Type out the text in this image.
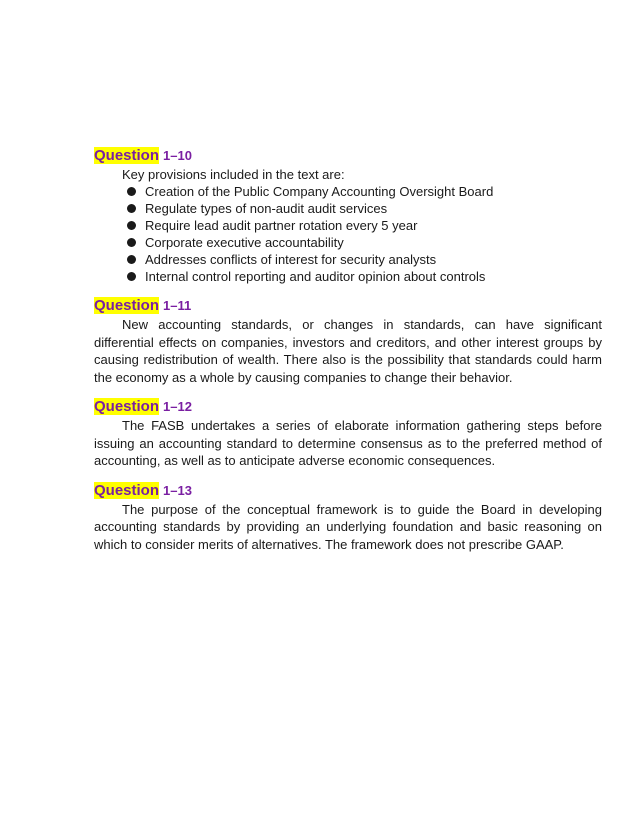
Question 1–10

Key provisions included in the text are:

Creation of the Public Company Accounting Oversight Board
Regulate types of non-audit audit services
Require lead audit partner rotation every 5 year
Corporate executive accountability
Addresses conflicts of interest for security analysts
Internal control reporting and auditor opinion about controls

Question 1–11

New accounting standards, or changes in standards, can have significant differential effects on companies, investors and creditors, and other interest groups by causing redistribution of wealth. There also is the possibility that standards could harm the economy as a whole by causing companies to change their behavior.

Question 1–12

The FASB undertakes a series of elaborate information gathering steps before issuing an accounting standard to determine consensus as to the preferred method of accounting, as well as to anticipate adverse economic consequences.

Question 1–13

The purpose of the conceptual framework is to guide the Board in developing accounting standards by providing an underlying foundation and basic reasoning on which to consider merits of alternatives. The framework does not prescribe GAAP.
